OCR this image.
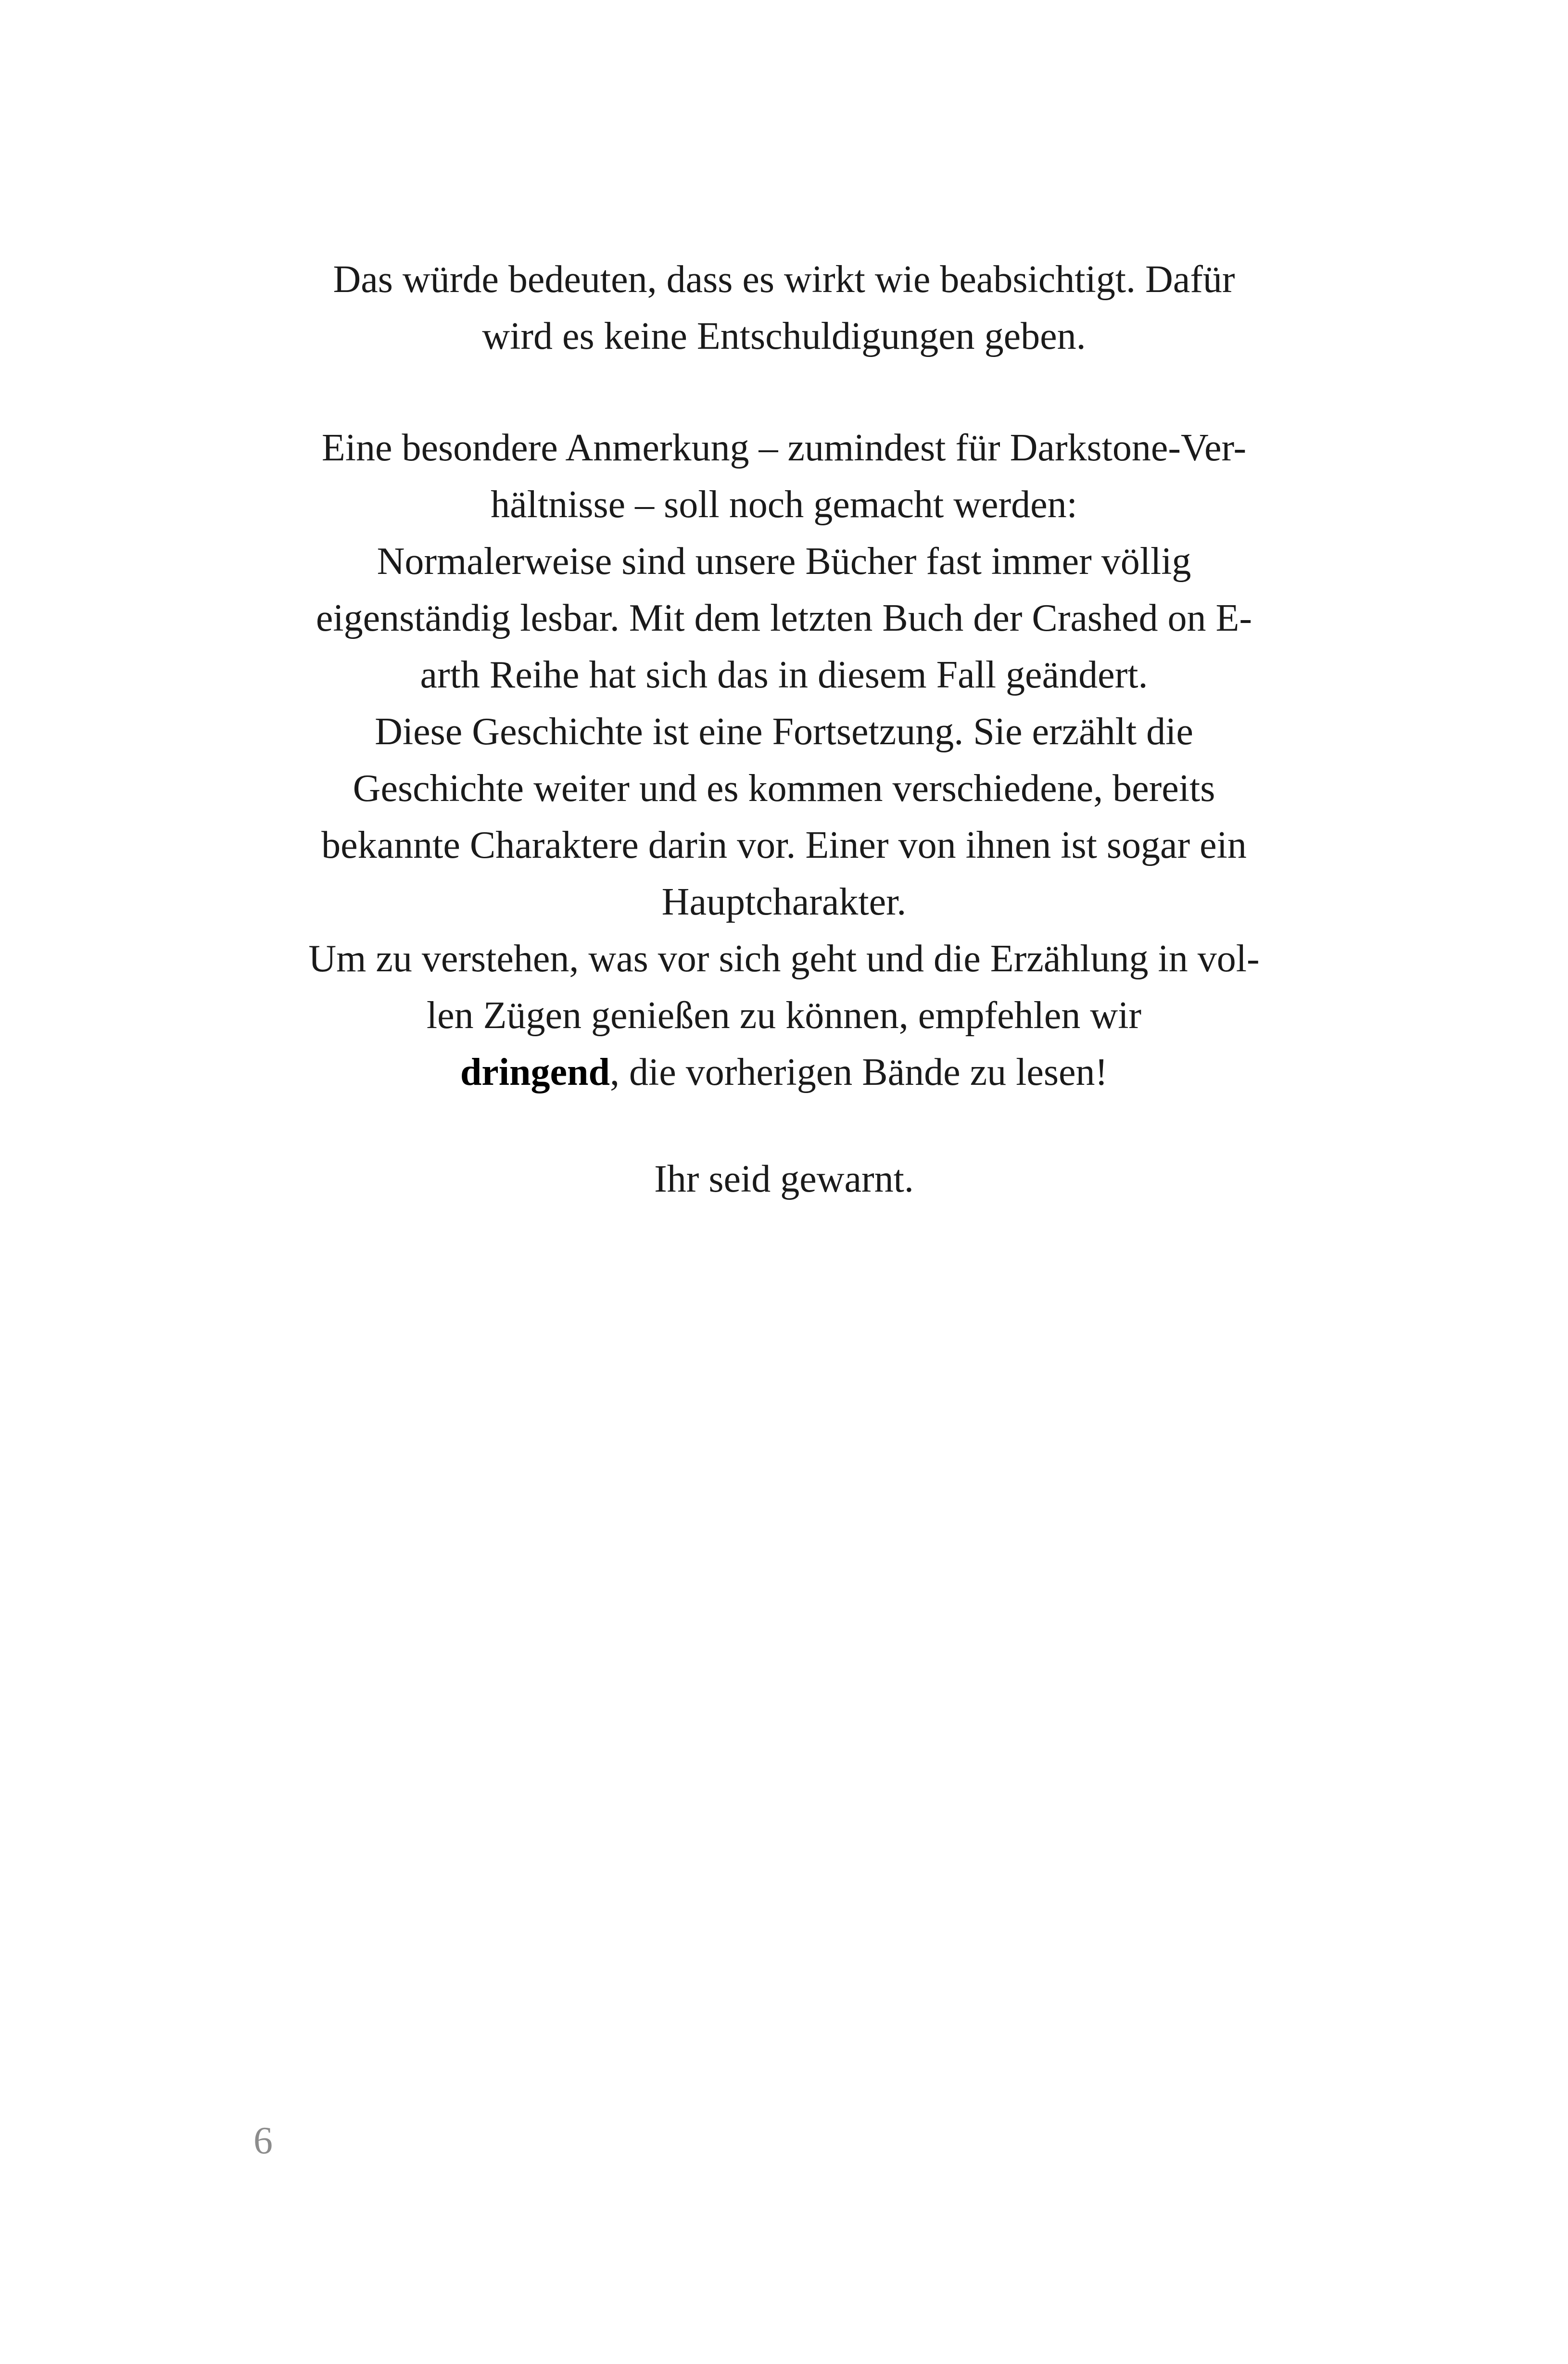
Das würde bedeuten, dass es wirkt wie beabsichtigt. Dafür
wird es keine Entschuldigungen geben.
Eine besondere Anmerkung – zumindest für Darkstone-Ver-
hältnisse – soll noch gemacht werden:
Normalerweise sind unsere Bücher fast immer völlig
eigenständig lesbar. Mit dem letzten Buch der Crashed on E-
arth Reihe hat sich das in diesem Fall geändert.
Diese Geschichte ist eine Fortsetzung. Sie erzählt die
Geschichte weiter und es kommen verschiedene, bereits
bekannte Charaktere darin vor. Einer von ihnen ist sogar ein
Hauptcharakter.
Um zu verstehen, was vor sich geht und die Erzählung in vol-
len Zügen genießen zu können, empfehlen wir
dringend, die vorherigen Bände zu lesen!
Ihr seid gewarnt.
6
